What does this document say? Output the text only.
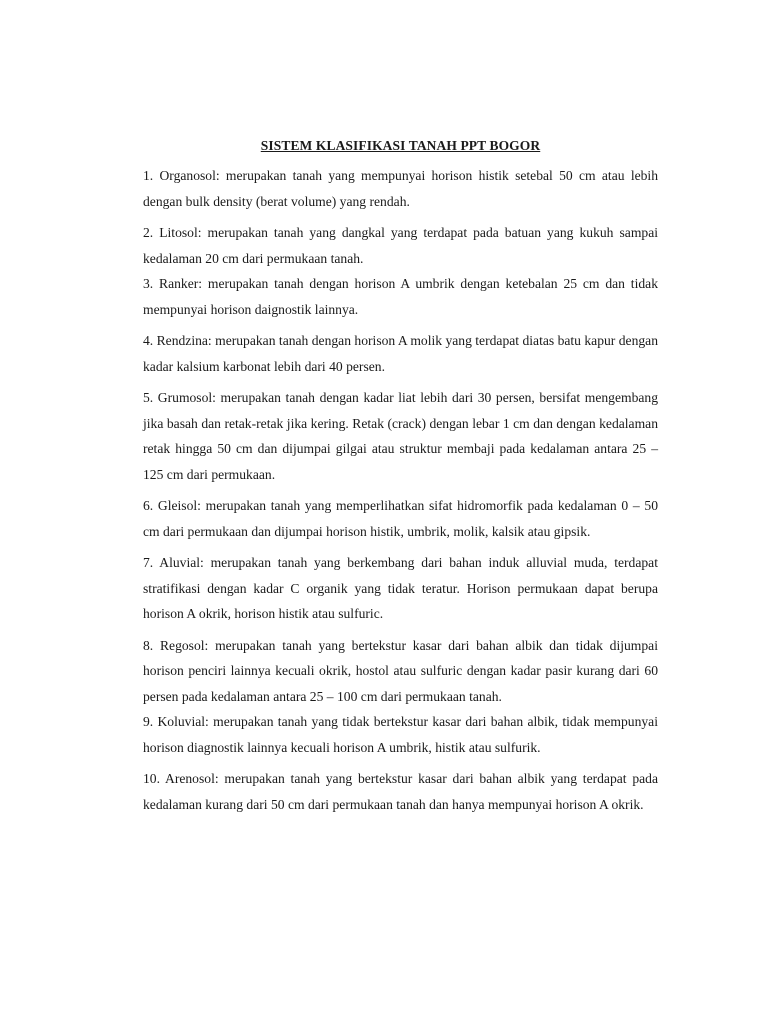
SISTEM KLASIFIKASI TANAH PPT BOGOR

1. Organosol: merupakan tanah yang mempunyai horison histik setebal 50 cm atau lebih dengan bulk density (berat volume) yang rendah.

2. Litosol: merupakan tanah yang dangkal yang terdapat pada batuan yang kukuh sampai kedalaman 20 cm dari permukaan tanah.

3. Ranker: merupakan tanah dengan horison A umbrik dengan ketebalan 25 cm dan tidak mempunyai horison daignostik lainnya.

4. Rendzina: merupakan tanah dengan horison A molik yang terdapat diatas batu kapur dengan kadar kalsium karbonat lebih dari 40 persen.

5. Grumosol: merupakan tanah dengan kadar liat lebih dari 30 persen, bersifat mengembang jika basah dan retak-retak jika kering. Retak (crack) dengan lebar 1 cm dan dengan kedalaman retak hingga 50 cm dan dijumpai gilgai atau struktur membaji pada kedalaman antara 25 – 125 cm dari permukaan.

6. Gleisol: merupakan tanah yang memperlihatkan sifat hidromorfik pada kedalaman 0 – 50 cm dari permukaan dan dijumpai horison histik, umbrik, molik, kalsik atau gipsik.

7. Aluvial: merupakan tanah yang berkembang dari bahan induk alluvial muda, terdapat stratifikasi dengan kadar C organik yang tidak teratur. Horison permukaan dapat berupa horison A okrik, horison histik atau sulfuric.

8. Regosol: merupakan tanah yang bertekstur kasar dari bahan albik dan tidak dijumpai horison penciri lainnya kecuali okrik, hostol atau sulfuric dengan kadar pasir kurang dari 60 persen pada kedalaman antara 25 – 100 cm dari permukaan tanah.

9. Koluvial: merupakan tanah yang tidak bertekstur kasar dari bahan albik, tidak mempunyai horison diagnostik lainnya kecuali horison A umbrik, histik atau sulfurik.

10. Arenosol: merupakan tanah yang bertekstur kasar dari bahan albik yang terdapat pada kedalaman kurang dari 50 cm dari permukaan tanah dan hanya mempunyai horison A okrik.
